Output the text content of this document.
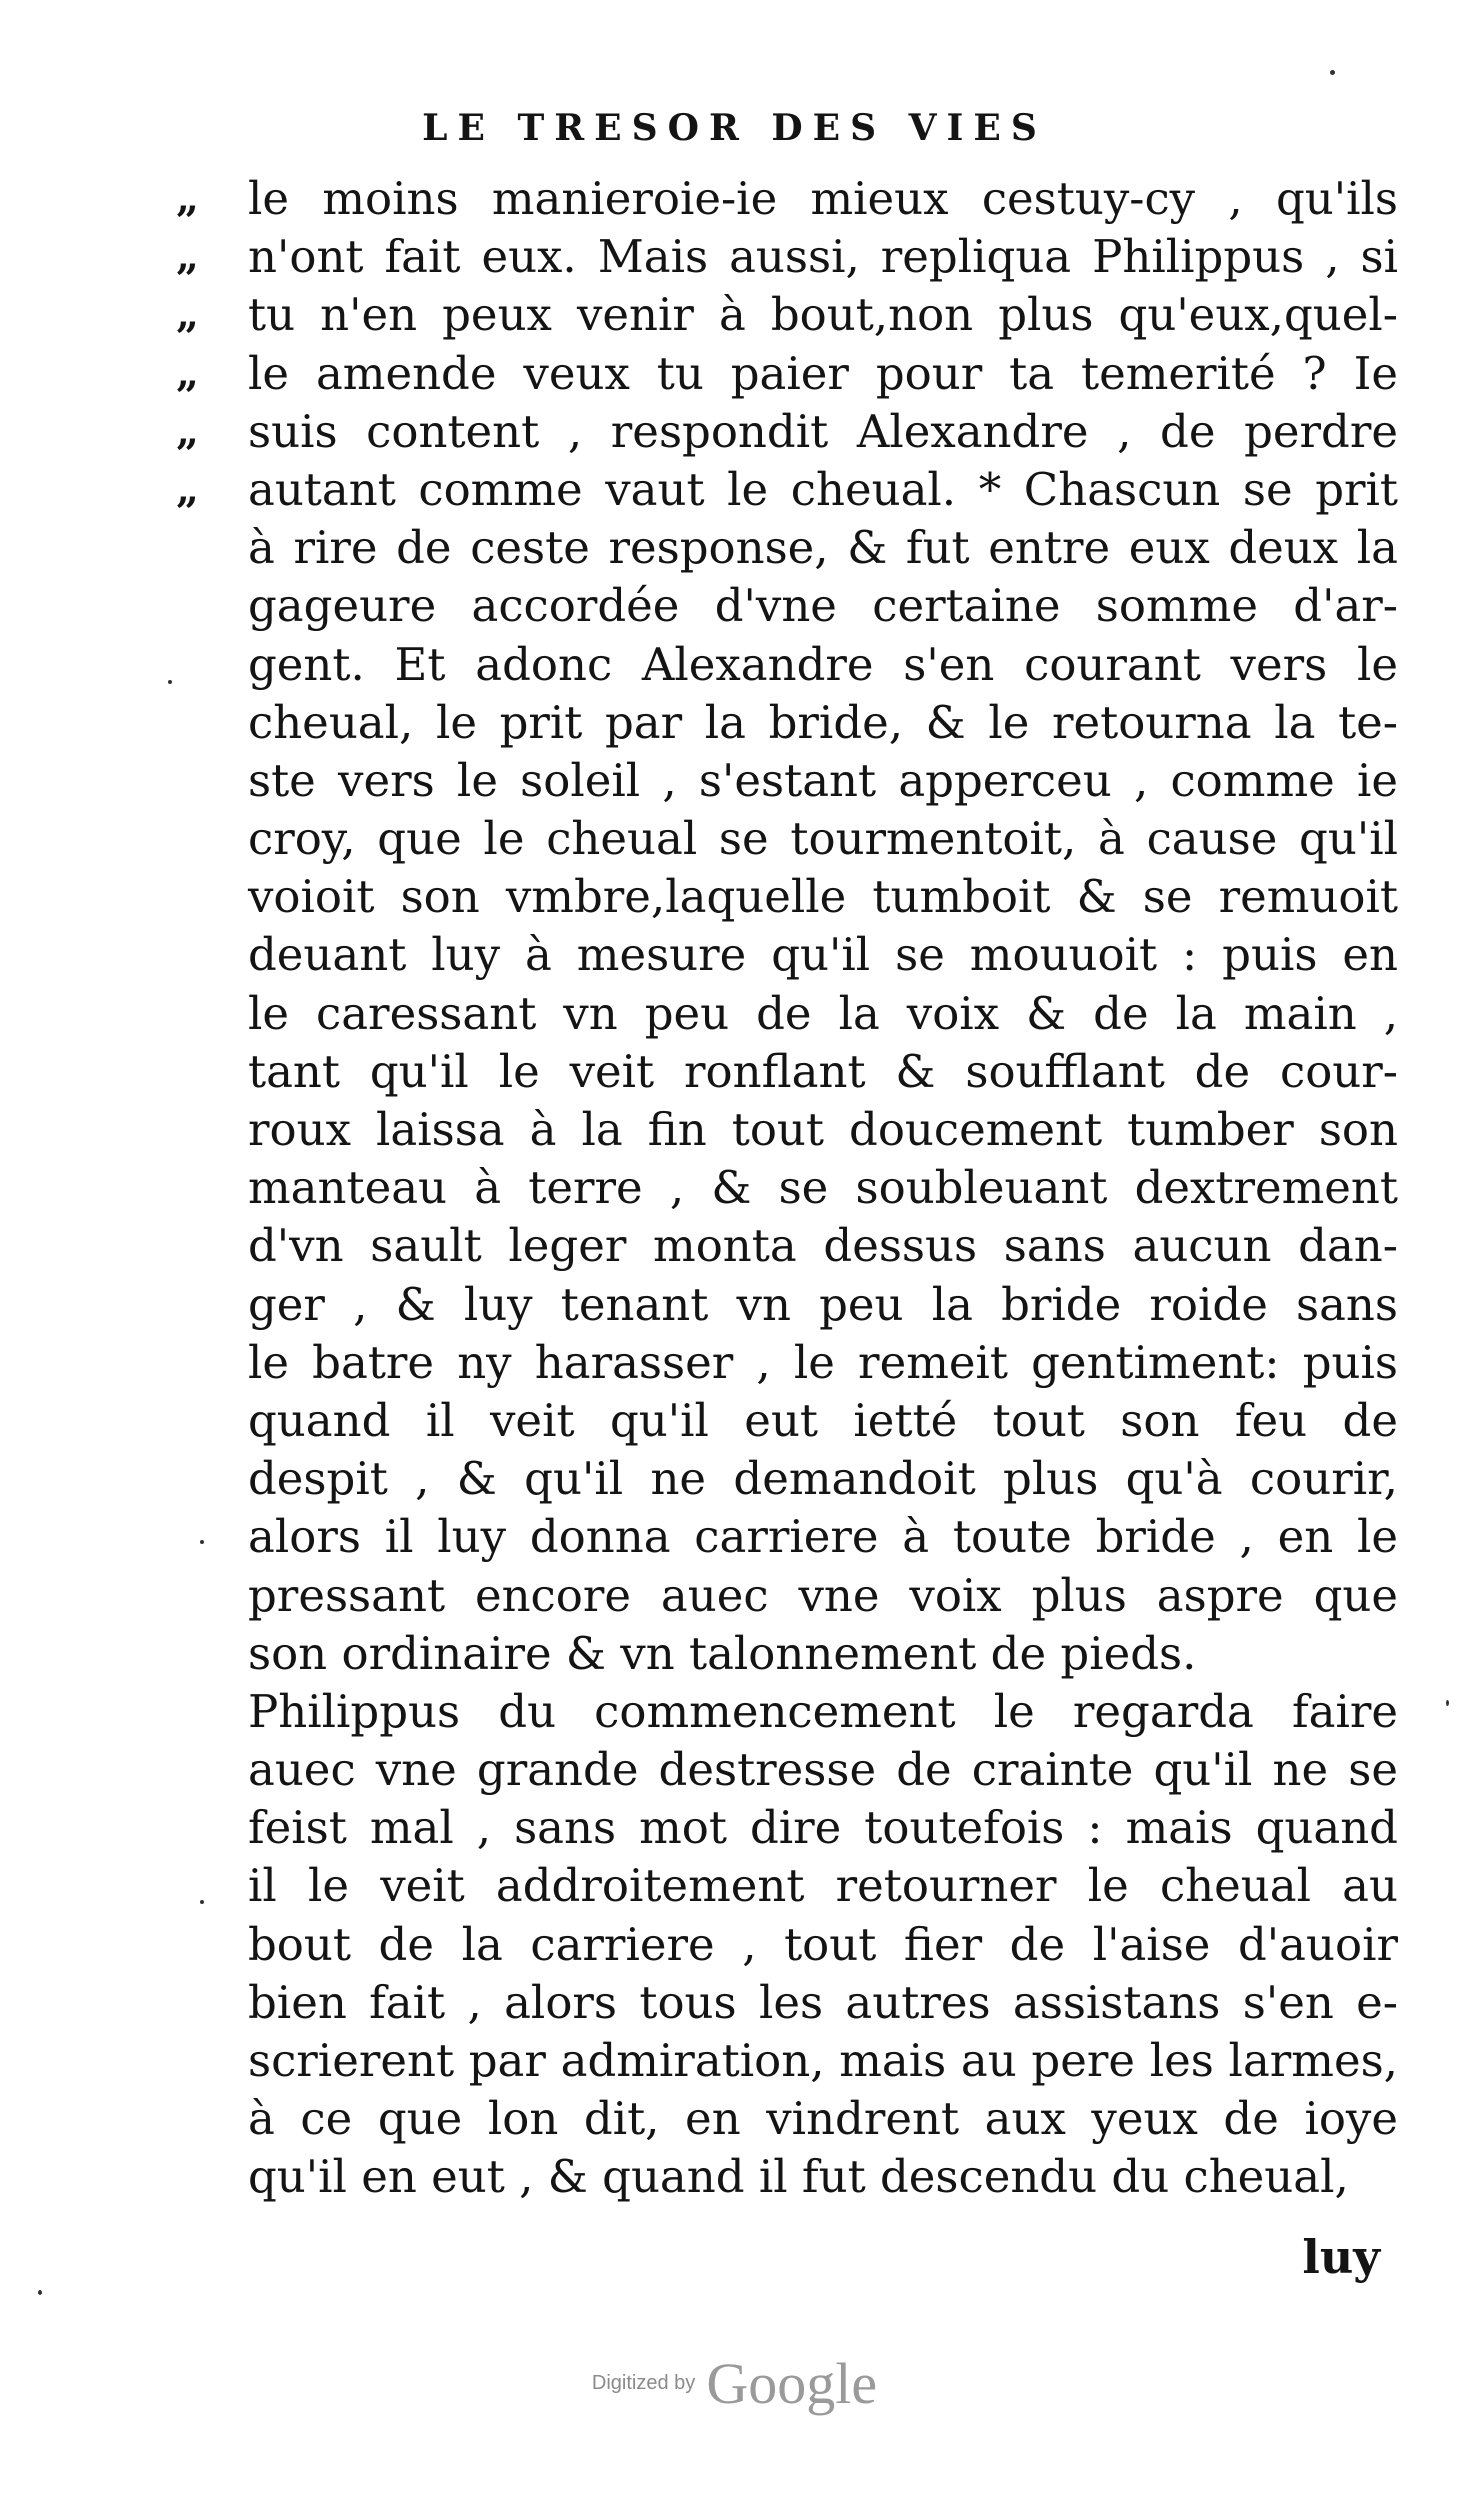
LE TRESOR DES VIES
„	le moins manieroie-ie mieux cestuy-cy , qu'ils
„	n'ont fait eux. Mais aussi, repliqua Philippus , si
„	tu n'en peux venir à bout,non plus qu'eux,quel-
„	le amende veux tu paier pour ta temerité ? Ie
„	suis content , respondit Alexandre , de perdre
„	autant comme vaut le cheual. * Chascun se prit
à rire de ceste response, & fut entre eux deux la
gageure accordée d'vne certaine somme d'ar-
gent. Et adonc Alexandre s'en courant vers le
cheual, le prit par la bride, & le retourna la te-
ste vers le soleil , s'estant apperceu , comme ie
croy, que le cheual se tourmentoit, à cause qu'il
voioit son vmbre,laquelle tumboit & se remuoit
deuant luy à mesure qu'il se mouuoit : puis en
le caressant vn peu de la voix & de la main ,
tant qu'il le veit ronflant & soufflant de cour-
roux laissa à la fin tout doucement tumber son
manteau à terre , & se soubleuant dextrement
d'vn sault leger monta dessus sans aucun dan-
ger , & luy tenant vn peu la bride roide sans
le batre ny harasser , le remeit gentiment: puis
quand il veit qu'il eut ietté tout son feu de
despit , & qu'il ne demandoit plus qu'à courir,
alors il luy donna carriere à toute bride , en le
pressant encore auec vne voix plus aspre que
son ordinaire & vn talonnement de pieds.
Philippus du commencement le regarda faire
auec vne grande destresse de crainte qu'il ne se
feist mal , sans mot dire toutefois : mais quand
il le veit addroitement retourner le cheual au
bout de la carriere , tout fier de l'aise d'auoir
bien fait , alors tous les autres assistans s'en e-
scrierent par admiration, mais au pere les larmes,
à ce que lon dit, en vindrent aux yeux de ioye
qu'il en eut , & quand il fut descendu du cheual,
luy
Digitized by Google
